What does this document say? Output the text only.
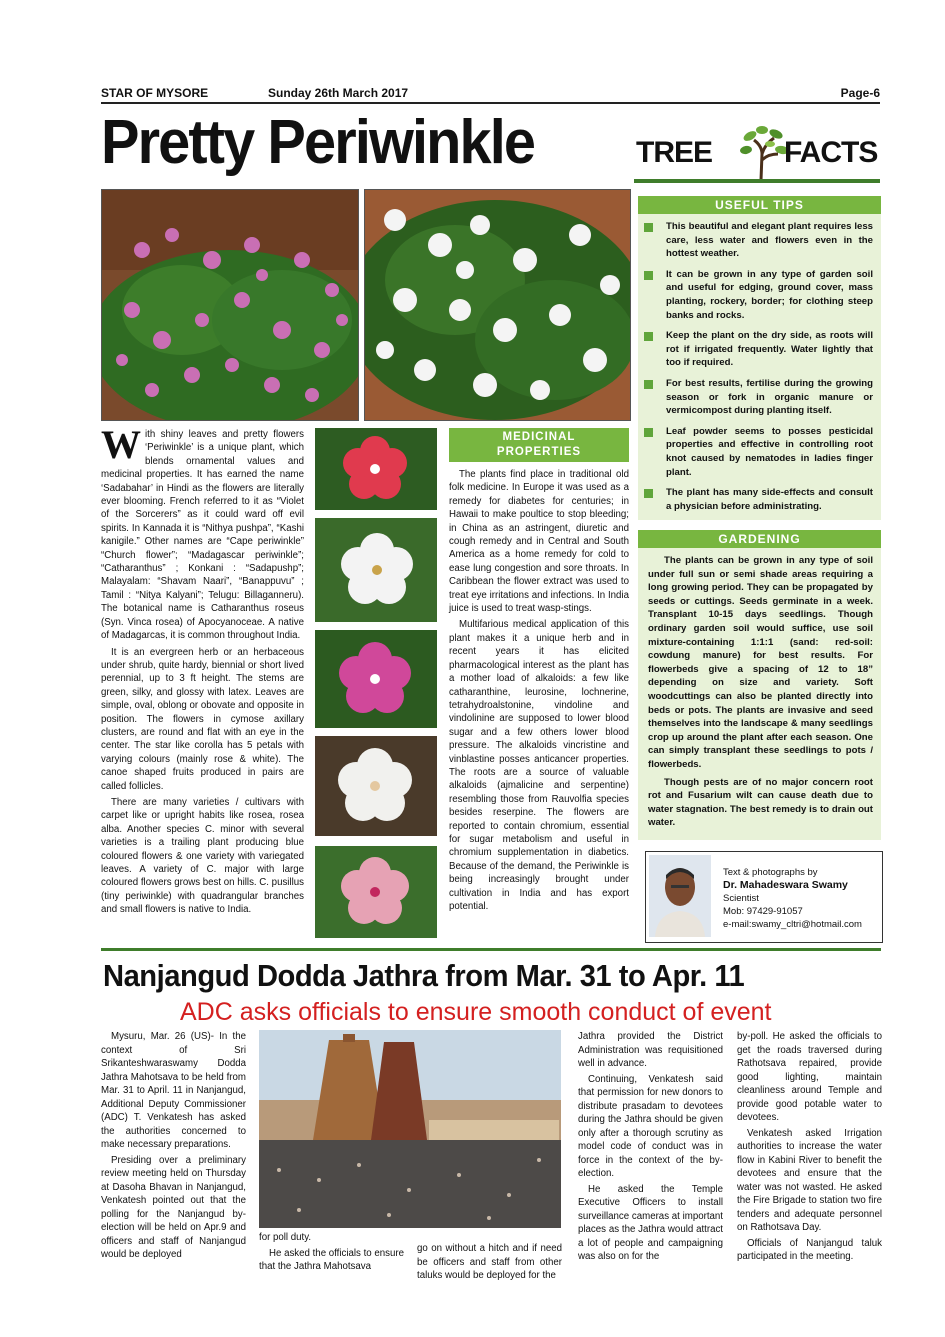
STAR OF MYSORE	Sunday 26th March 2017	Page-6
Pretty Periwinkle	TREE FACTS

With shiny leaves and pretty flowers ‘Periwinkle’ is a unique plant, which blends ornamental values and medicinal properties. It has earned the name ‘Sadabahar’ in Hindi as the flowers are literally ever blooming. French referred to it as “Violet of the Sorcerers” as it could ward off evil spirits. In Kannada it is “Nithya pushpa”, “Kashi kanigile.” Other names are “Cape periwinkle” “Church flower”; “Madagascar periwinkle”; “Catharanthus” ; Konkani : “Sadapushp”; Malayalam: “Shavam Naari”, “Banappuvu” ; Tamil : “Nitya Kalyani”; Telugu: Billaganneru). The botanical name is Catharanthus roseus (Syn. Vinca rosea) of Apocyanoceae. A native of Madagarcas, it is common throughout India.

It is an evergreen herb or an herbaceous under shrub, quite hardy, biennial or short lived perennial, up to 3 ft height. The stems are green, silky, and glossy with latex. Leaves are simple, oval, oblong or obovate and opposite in position. The flowers in cymose axillary clusters, are round and flat with an eye in the center. The star like corolla has 5 petals with varying colours (mainly rose & white). The canoe shaped fruits produced in pairs are called follicles.

There are many varieties / cultivars with carpet like or upright habits like rosea, rosea alba. Another species C. minor with several varieties is a trailing plant producing blue coloured flowers & one variety with variegated leaves. A variety of C. major with large coloured flowers grows best on hills. C. pusillus (tiny periwinkle) with quadrangular branches and small flowers is native to India.

MEDICINAL
PROPERTIES

The plants find place in traditional old folk medicine. In Europe it was used as a remedy for diabetes for centuries; in Hawaii to make poultice to stop bleeding; in China as an astringent, diuretic and cough remedy and in Central and South America as a home remedy for cold to ease lung congestion and sore throats. In Caribbean the flower extract was used to treat eye irritations and infections. In India juice is used to treat wasp-stings.

Multifarious medical application of this plant makes it a unique herb and in recent years it has elicited pharmacological interest as the plant has a mother load of alkaloids: a few like catharanthine, leurosine, lochnerine, tetrahydroalstonine, vindoline and vindolinine are supposed to lower blood sugar and a few others lower blood pressure. The alkaloids vincristine and vinblastine posses anticancer properties. The roots are a source of valuable alkaloids (ajmalicine and serpentine) resembling those from Rauvolfia species besides reserpine. The flowers are reported to contain chromium, essential for sugar metabolism and useful in chromium supplementation in diabetics. Because of the demand, the Periwinkle is being increasingly brought under cultivation in India and has export potential.

USEFUL TIPS
This beautiful and elegant plant requires less care, less water and flowers even in the hottest weather.
It can be grown in any type of garden soil and useful for edging, ground cover, mass planting, rockery, border; for clothing steep banks and rocks.
Keep the plant on the dry side, as roots will rot if irrigated frequently. Water lightly that too if required.
For best results, fertilise during the growing season or fork in organic manure or vermicompost during planting itself.
Leaf powder seems to posses pesticidal properties and effective in controlling root knot caused by nematodes in ladies finger plant.
The plant has many side-effects and consult a physician before administrating.
GARDENING

The plants can be grown in any type of soil under full sun or semi shade areas requiring a long growing period. They can be propagated by seeds or cuttings. Seeds germinate in a week. Transplant 10-15 days seedlings. Though ordinary garden soil would suffice, use soil mixture-containing 1:1:1 (sand: red-soil: cowdung manure) for best results. For flowerbeds give a spacing of 12 to 18” depending on size and variety. Soft woodcuttings can also be planted directly into beds or pots. The plants are invasive and seed themselves into the landscape & many seedlings crop up around the plant after each season. One can simply transplant these seedlings to pots / flowerbeds.

Though pests are of no major concern root rot and Fusarium wilt can cause death due to water stagnation. The best remedy is to drain out water.

Text & photographs by
Dr. Mahadeswara Swamy
Scientist
Mob: 97429-91057
e-mail:swamy_cltri@hotmail.com
Nanjangud Dodda Jathra from Mar. 31 to Apr. 11
ADC asks officials to ensure smooth conduct of event

Mysuru, Mar. 26 (US)- In the context of Sri Srikanteshwaraswamy Dodda Jathra Mahotsava to be held from Mar. 31 to April. 11 in Nanjangud, Additional Deputy Commissioner (ADC) T. Venkatesh has asked the authorities concerned to make necessary preparations.

Presiding over a preliminary review meeting held on Thursday at Dasoha Bhavan in Nanjangud, Venkatesh pointed out that the polling for the Nanjangud by-election will be held on Apr.9 and officers and staff of Nanjangud would be deployed

for poll duty.

He asked the officials to ensure that the Jathra Mahotsava

go on without a hitch and if need be officers and staff from other taluks would be deployed for the

Jathra provided the District Administration was requisitioned well in advance.

Continuing, Venkatesh said that permission for new donors to distribute prasadam to devotees during the Jathra should be given only after a thorough scrutiny as model code of conduct was in force in the context of the by-election.

He asked the Temple Executive Officers to install surveillance cameras at important places as the Jathra would attract a lot of people and campaigning was also on for the

by-poll. He asked the officials to get the roads traversed during Rathotsava repaired, provide good lighting, maintain cleanliness around Temple and provide good potable water to devotees.

Venkatesh asked Irrigation authorities to increase the water flow in Kabini River to benefit the devotees and ensure that the water was not wasted. He asked the Fire Brigade to station two fire tenders and adequate personnel on Rathotsava Day.

Officials of Nanjangud taluk participated in the meeting.
